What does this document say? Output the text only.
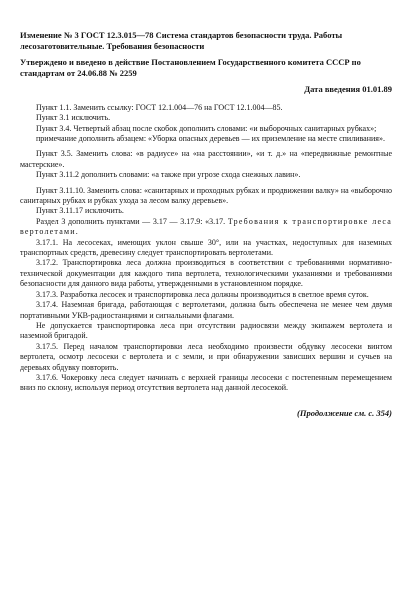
Изменение № 3 ГОСТ 12.3.015—78 Система стандартов безопасности труда. Работы лесозаготовительные. Требования безопасности
Утверждено и введено в действие Постановлением Государственного комитета СССР по стандартам от 24.06.88 № 2259
Дата введения 01.01.89

Пункт 1.1. Заменить ссылку: ГОСТ 12.1.004—76 на ГОСТ 12.1.004—85.

Пункт 3.1 исключить.

Пункт 3.4. Четвертый абзац после скобок дополнить словами: «и выборочных санитарных рубках»;

примечание дополнить абзацем: «Уборка опасных деревьев — их приземление на месте спиливания».

Пункт 3.5. Заменить слова: «в радиусе» на «на расстоянии», «и т. д.» на «передвижные ремонтные мастерские».

Пункт 3.11.2 дополнить словами: «а также при угрозе схода снежных лавин».

Пункт 3.11.10. Заменить слова: «санитарных и проходных рубках и продвижении валку» на «выборочно санитарных рубках и рубках ухода за лесом валку деревьев».

Пункт 3.11.17 исключить.

Раздел 3 дополнить пунктами — 3.17 — 3.17.9: «3.17. Требования к транспортировке леса вертолетами.

3.17.1. На лесосеках, имеющих уклон свыше 30°, или на участках, недоступных для наземных транспортных средств, древесину следует транспортировать вертолетами.

3.17.2. Транспортировка леса должна производиться в соответствии с требованиями нормативно-технической документации для каждого типа вертолета, технологическими указаниями и требованиями безопасности для данного вида работы, утвержденными в установленном порядке.

3.17.3. Разработка лесосек и транспортировка леса должны производиться в светлое время суток.

3.17.4. Наземная бригада, работающая с вертолетами, должна быть обеспечена не менее чем двумя портативными УКВ-радиостанциями и сигнальными флагами.

Не допускается транспортировка леса при отсутствии радиосвязи между экипажем вертолета и наземной бригадой.

3.17.5. Перед началом транспортировки леса необходимо произвести обдувку лесосеки винтом вертолета, осмотр лесосеки с вертолета и с земли, и при обнаружении зависших вершин и сучьев на деревьях обдувку повторить.

3.17.6. Чокеровку леса следует начинать с верхней границы лесосеки с постепенным перемещением вниз по склону, используя период отсутствия вертолета над данной лесосекой.

(Продолжение см. с. 354)
